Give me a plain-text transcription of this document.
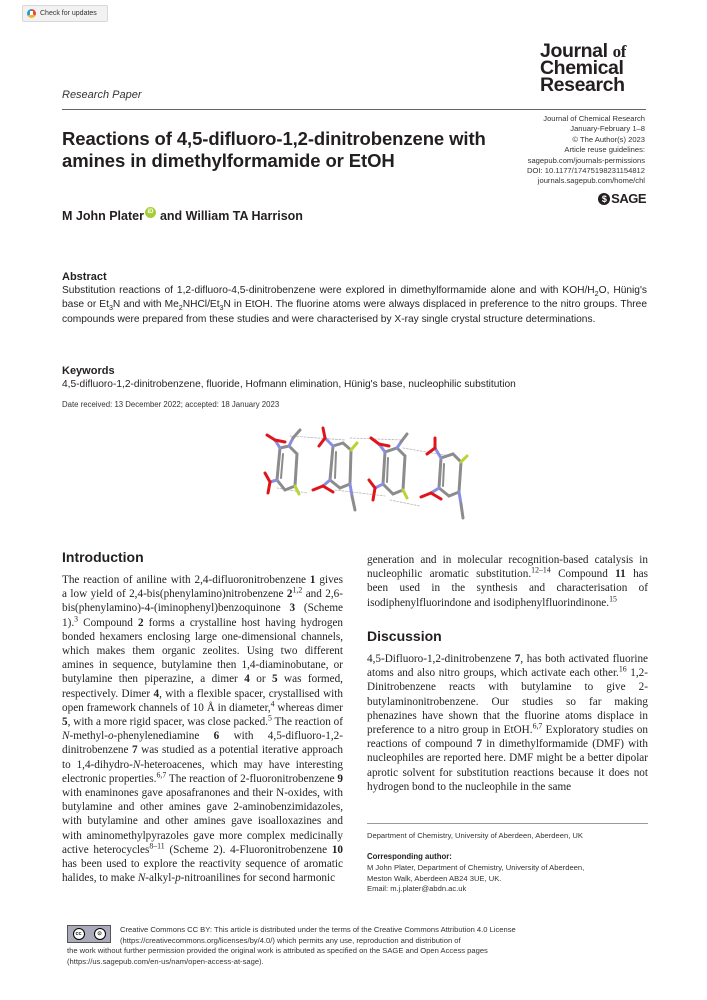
Check for updates
Journal of
Chemical
Research
Research Paper
Reactions of 4,5-difluoro-1,2-dinitrobenzene with amines in dimethylformamide or EtOH
Journal of Chemical Research
January-February 1–8
© The Author(s) 2023
Article reuse guidelines:
sagepub.com/journals-permissions
DOI: 10.1177/17475198231154812
journals.sagepub.com/home/chl
$ SAGE
M John Plater iD and William TA Harrison
Abstract
Substitution reactions of 1,2-difluoro-4,5-dinitrobenzene were explored in dimethylformamide alone and with KOH/$H_2O$, Hünig's base or $Et_3N$ and with $Me_2NHCl/Et_3N$ in EtOH. The fluorine atoms were always displaced in preference to the nitro groups. Three compounds were prepared from these studies and were characterised by X-ray single crystal structure determinations.
Keywords
4,5-difluoro-1,2-dinitrobenzene, fluoride, Hofmann elimination, Hünig's base, nucleophilic substitution
Date received: 13 December 2022; accepted: 18 January 2023
Introduction
The reaction of aniline with 2,4-difluoronitrobenzene 1 gives a low yield of 2,4-bis(phenylamino)nitrobenzene 2$^{1,2}$ and 2,6-bis(phenylamino)-4-(iminophenyl)benzoquinone 3 (Scheme 1).$^3$ Compound 2 forms a crystalline host having hydrogen bonded hexamers enclosing large one-dimensional channels, which makes them organic zeolites. Using two different amines in sequence, butylamine then 1,4-diaminobutane, or butylamine then piperazine, a dimer 4 or 5 was formed, respectively. Dimer 4, with a flexible spacer, crystallised with open framework channels of 10 Å in diameter,$^4$ whereas dimer 5, with a more rigid spacer, was close packed.$^5$ The reaction of N-methyl-o-phenylenediamine 6 with 4,5-difluoro-1,2-dinitrobenzene 7 was studied as a potential iterative approach to 1,4-dihydro-N-heteroacenes, which may have interesting electronic properties.$^{6,7}$ The reaction of 2-fluoronitrobenzene 9 with enaminones gave aposafranones and their N-oxides, with butylamine and other amines gave 2-aminobenzimidazoles, with butylamine and other amines gave isoalloxazines and with aminomethylpyrazoles gave more complex medicinally active heterocycles$^{8-11}$ (Scheme 2). 4-Fluoronitrobenzene 10 has been used to explore the reactivity sequence of aromatic halides, to make N-alkyl-p-nitroanilines for second harmonic
generation and in molecular recognition-based catalysis in nucleophilic aromatic substitution.$^{12-14}$ Compound 11 has been used in the synthesis and characterisation of isodiphenylfluorindone and isodiphenylfluorindinone.$^{15}$
Discussion
4,5-Difluoro-1,2-dinitrobenzene 7, has both activated fluorine atoms and also nitro groups, which activate each other.$^{16}$ 1,2-Dinitrobenzene reacts with butylamine to give 2-butylaminonitrobenzene. Our studies so far making phenazines have shown that the fluorine atoms displace in preference to a nitro group in EtOH.$^{6,7}$ Exploratory studies on reactions of compound 7 in dimethylformamide (DMF) with nucleophiles are reported here. DMF might be a better dipolar aprotic solvent for substitution reactions because it does not hydrogen bond to the nucleophile in the same
Department of Chemistry, University of Aberdeen, Aberdeen, UK
Corresponding author:
M John Plater, Department of Chemistry, University of Aberdeen,
Meston Walk, Aberdeen AB24 3UE, UK.
Email: m.j.plater@abdn.ac.uk
cc	⊙	Creative Commons CC BY: This article is distributed under the terms of the Creative Commons Attribution 4.0 License
(https://creativecommons.org/licenses/by/4.0/) which permits any use, reproduction and distribution of
the work without further permission provided the original work is attributed as specified on the SAGE and Open Access pages
(https://us.sagepub.com/en-us/nam/open-access-at-sage).
